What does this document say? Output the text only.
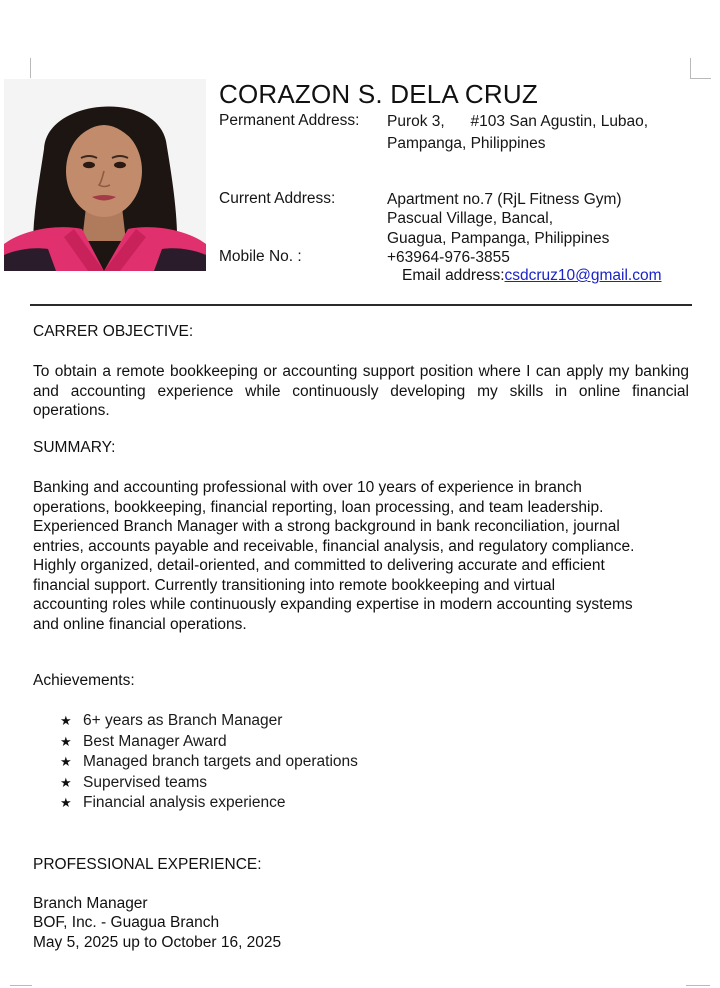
CORAZON S. DELA CRUZ
Permanent Address: Purok 3,      #103 San Agustin, Lubao,
Pampanga, Philippines
Current Address:	Apartment no.7 (RjL Fitness Gym)
Pascual Village, Bancal,
Guagua, Pampanga, Philippines
Mobile No. :	+63964-976-3855
Email address:csdcruz10@gmail.com
CARRER OBJECTIVE:
To obtain a remote bookkeeping or accounting support position where I can apply my banking and accounting experience while continuously developing my skills in online financial operations.
SUMMARY:
Banking and accounting professional with over 10 years of experience in branch
operations, bookkeeping, financial reporting, loan processing, and team leadership.
Experienced Branch Manager with a strong background in bank reconciliation, journal
entries, accounts payable and receivable, financial analysis, and regulatory compliance.
Highly organized, detail-oriented, and committed to delivering accurate and efficient
financial support. Currently transitioning into remote bookkeeping and virtual
accounting roles while continuously expanding expertise in modern accounting systems
and online financial operations.
Achievements:
★ 6+ years as Branch Manager
★ Best Manager Award
★ Managed branch targets and operations
★ Supervised teams
★ Financial analysis experience
PROFESSIONAL EXPERIENCE:
Branch Manager
BOF, Inc. - Guagua Branch
May 5, 2025 up to October 16, 2025
